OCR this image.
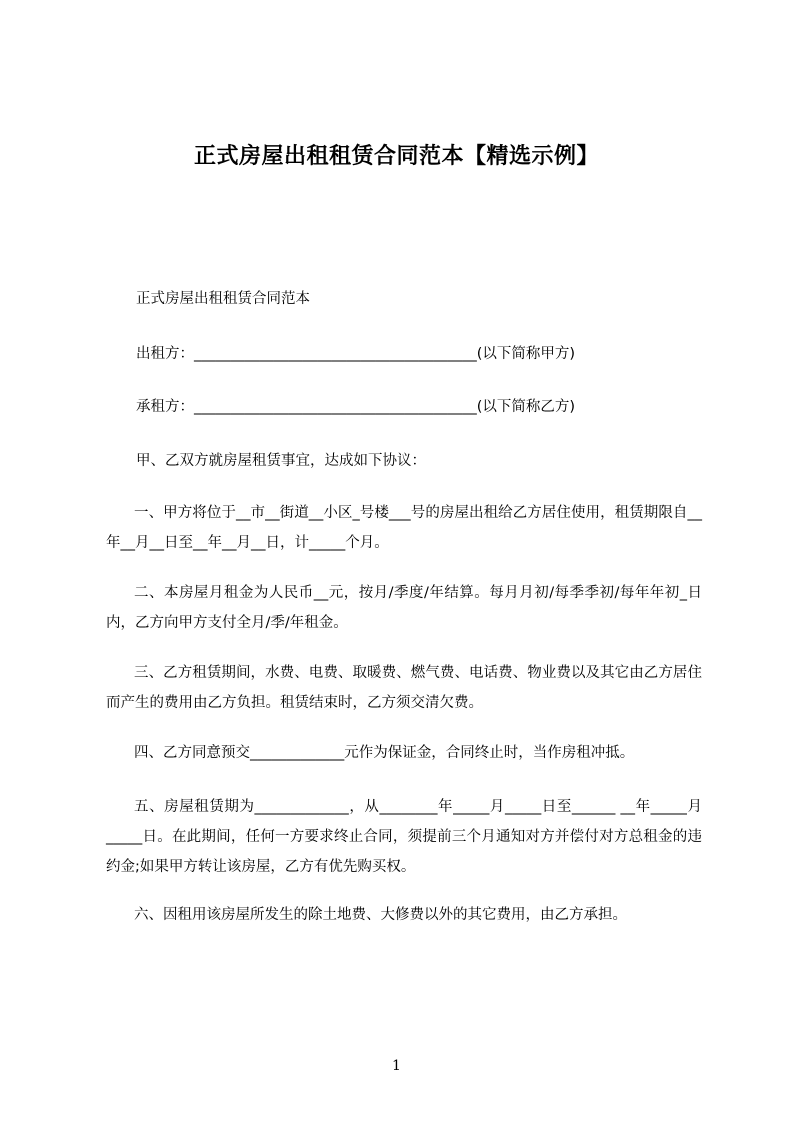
正式房屋出租租赁合同范本【精选示例】
正式房屋出租租赁合同范本
出租方：_______________________________________(以下简称甲方)
承租方：_______________________________________(以下简称乙方)
甲、乙双方就房屋租赁事宜，达成如下协议：
一、甲方将位于__市__街道__小区_号楼___号的房屋出租给乙方居住使用，租赁期限自__年__月__日至__年__月__日，计_____个月。
二、本房屋月租金为人民币__元，按月/季度/年结算。每月月初/每季季初/每年年初_日内，乙方向甲方支付全月/季/年租金。
三、乙方租赁期间，水费、电费、取暖费、燃气费、电话费、物业费以及其它由乙方居住而产生的费用由乙方负担。租赁结束时，乙方须交清欠费。
四、乙方同意预交_____________元作为保证金，合同终止时，当作房租冲抵。
五、房屋租赁期为_____________，从________年_____月_____日至______ __年_____月_____日。在此期间，任何一方要求终止合同，须提前三个月通知对方并偿付对方总租金的违约金;如果甲方转让该房屋，乙方有优先购买权。
六、因租用该房屋所发生的除土地费、大修费以外的其它费用，由乙方承担。
1
